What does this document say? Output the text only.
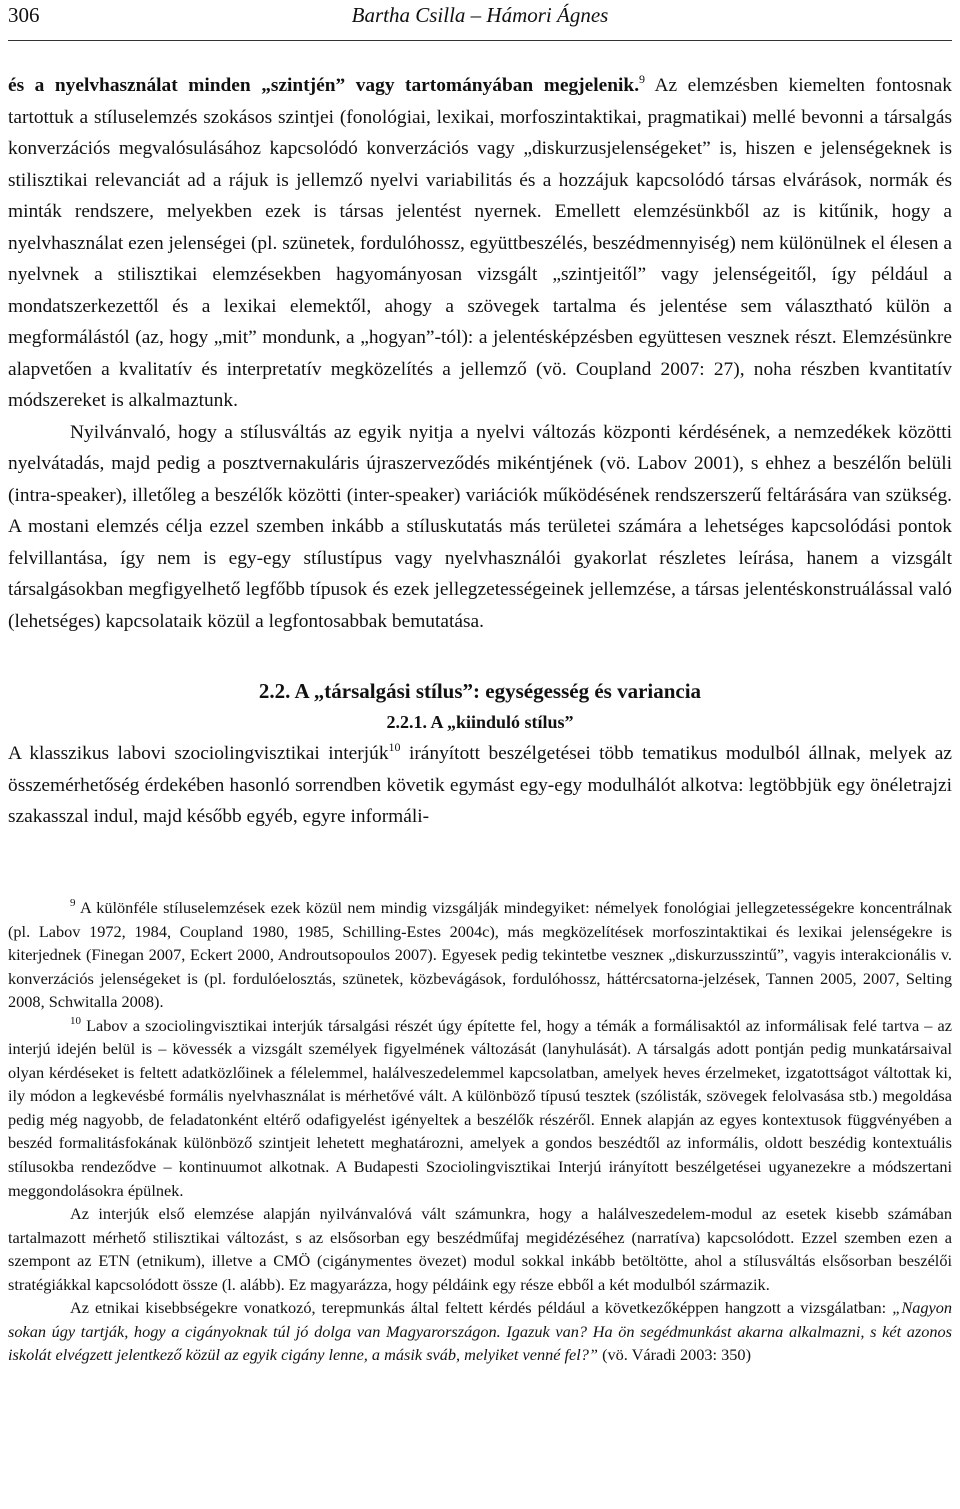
306	Bartha Csilla – Hámori Ágnes

és a nyelvhasználat minden „szintjén” vagy tartományában megjelenik.$^9$ Az elemzésben kiemelten fontosnak tartottuk a stíluselemzés szokásos szintjei (fonológiai, lexikai, morfoszintaktikai, pragmatikai) mellé bevonni a társalgás konverzációs megvalósulásához kapcsolódó konverzációs vagy „diskurzusjelenségeket” is, hiszen e jelenségeknek is stilisztikai relevanciát ad a rájuk is jellemző nyelvi variabilitás és a hozzájuk kapcsolódó társas elvárások, normák és minták rendszere, melyekben ezek is társas jelentést nyernek. Emellett elemzésünkből az is kitűnik, hogy a nyelvhasználat ezen jelenségei (pl. szünetek, fordulóhossz, együttbeszélés, beszédmennyiség) nem különülnek el élesen a nyelvnek a stilisztikai elemzésekben hagyományosan vizsgált „szintjeitől” vagy jelenségeitől, így például a mondatszerkezettől és a lexikai elemektől, ahogy a szövegek tartalma és jelentése sem választható külön a megformálástól (az, hogy „mit” mondunk, a „hogyan”-tól): a jelentésképzésben együttesen vesznek részt. Elemzésünkre alapvetően a kvalitatív és interpretatív megközelítés a jellemző (vö. Coupland 2007: 27), noha részben kvantitatív módszereket is alkalmaztunk.

Nyilvánvaló, hogy a stílusváltás az egyik nyitja a nyelvi változás központi kérdésének, a nemzedékek közötti nyelvátadás, majd pedig a posztvernakuláris újraszerveződés mikéntjének (vö. Labov 2001), s ehhez a beszélőn belüli (intra-speaker), illetőleg a beszélők közötti (inter-speaker) variációk működésének rendszerszerű feltárására van szükség. A mostani elemzés célja ezzel szemben inkább a stíluskutatás más területei számára a lehetséges kapcsolódási pontok felvillantása, így nem is egy-egy stílustípus vagy nyelvhasználói gyakorlat részletes leírása, hanem a vizsgált társalgásokban megfigyelhető legfőbb típusok és ezek jellegzetességeinek jellemzése, a társas jelentéskonstruálással való (lehetséges) kapcsolataik közül a legfontosabbak bemutatása.

2.2. A „társalgási stílus”: egységesség és variancia
2.2.1. A „kiinduló stílus”

A klasszikus labovi szociolingvisztikai interjúk$^{10}$ irányított beszélgetései több tematikus modulból állnak, melyek az összemérhetőség érdekében hasonló sorrendben követik egymást egy-egy modulhálót alkotva: legtöbbjük egy önéletrajzi szakasszal indul, majd később egyéb, egyre informáli-

$^9$ A különféle stíluselemzések ezek közül nem mindig vizsgálják mindegyiket: némelyek fonológiai jellegzetességekre koncentrálnak (pl. Labov 1972, 1984, Coupland 1980, 1985, Schilling-Estes 2004c), más megközelítések morfoszintaktikai és lexikai jelenségekre is kiterjednek (Finegan 2007, Eckert 2000, Androutsopoulos 2007). Egyesek pedig tekintetbe veszneк „diskurzusszintű”, vagyis interakcionális v. konverzációs jelenségeket is (pl. fordulóelosztás, szünetek, közbevágások, fordulóhossz, háttércsatorna-jelzések, Tannen 2005, 2007, Selting 2008, Schwitalla 2008).

$^{10}$ Labov a szociolingvisztikai interjúk társalgási részét úgy építette fel, hogy a témák a formálisaktól az informálisak felé tartva – az interjú idején belül is – kövessék a vizsgált személyek figyelmének változását (lanyhulását). A társalgás adott pontján pedig munkatársaival olyan kérdéseket is feltett adatközlőinek a félelemmel, halálveszedelemmel kapcsolatban, amelyek heves érzelmeket, izgatottságot váltottak ki, ily módon a legkevésbé formális nyelvhasználat is mérhetővé vált. A különböző típusú tesztek (szólisták, szövegek felolvasása stb.) megoldása pedig még nagyobb, de feladatonként eltérő odafigyelést igényeltek a beszélők részéről. Ennek alapján az egyes kontextusok függvényében a beszéd formalitásfokának különböző szintjeit lehetett meghatározni, amelyek a gondos beszédtől az informális, oldott beszédig kontextuális stílusokba rendeződve – kontinuumot alkotnak. A Budapesti Szociolingvisztikai Interjú irányított beszélgetései ugyanezekre a módszertani meggondolásokra épülnek.

Az interjúk első elemzése alapján nyilvánvalóvá vált számunkra, hogy a halálveszedelem-modul az esetek kisebb számában tartalmazott mérhető stilisztikai változást, s az elsősorban egy beszédműfaj megidézéséhez (narratíva) kapcsolódott. Ezzel szemben ezen a szempont az ETN (etnikum), illetve a CMÖ (cigánymentes övezet) modul sokkal inkább betöltötte, ahol a stílusváltás elsősorban beszélői stratégiákkal kapcsolódott össze (l. alább). Ez magyarázza, hogy példáink egy része ebből a két modulból származik.

Az etnikai kisebbségekre vonatkozó, terepmunkás által feltett kérdés például a következőképpen hangzott a vizsgálatban: „Nagyon sokan úgy tartják, hogy a cigányoknak túl jó dolga van Magyarországon. Igazuk van? Ha ön segédmunkást akarna alkalmazni, s két azonos iskolát elvégzett jelentkező közül az egyik cigány lenne, a másik sváb, melyiket venné fel?” (vö. Váradi 2003: 350)
